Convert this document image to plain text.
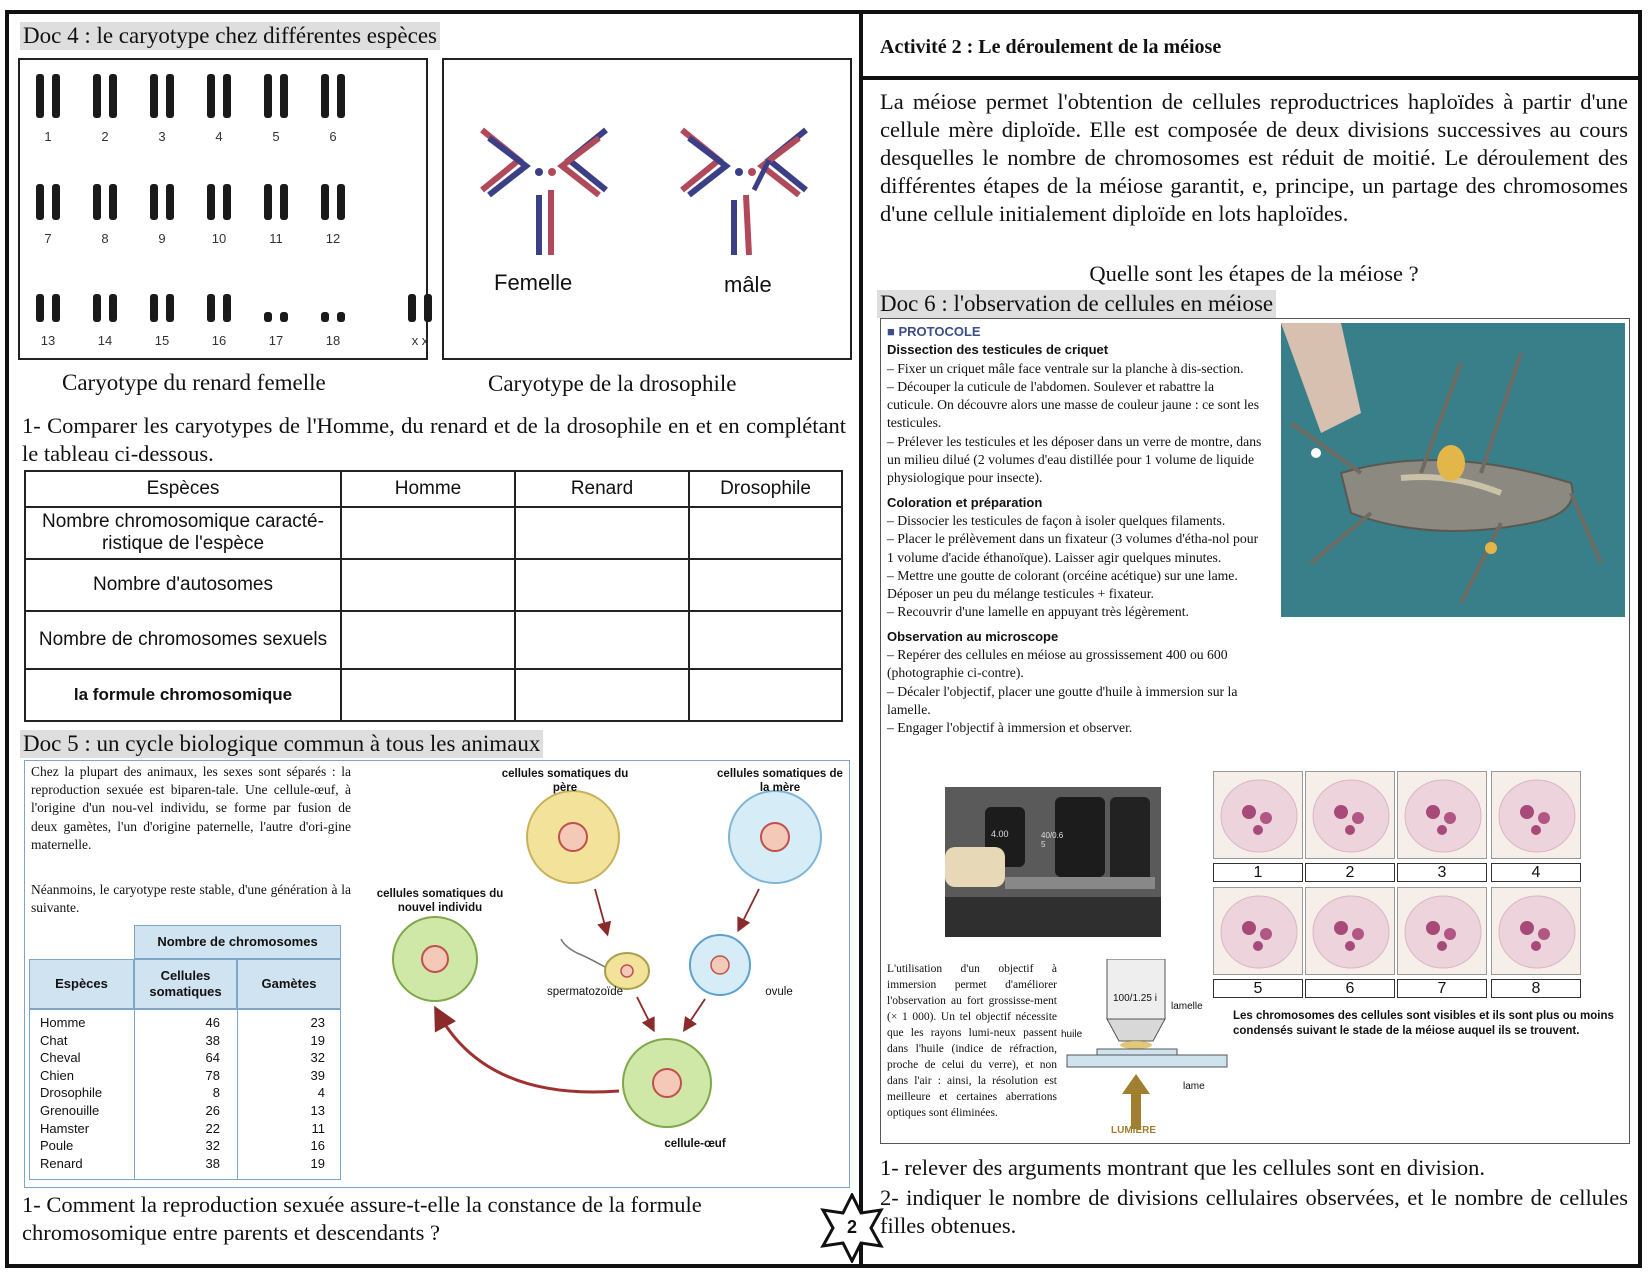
Doc 4 : le caryotype chez différentes espèces
1	2	3	4	5	6
7	8	9	10	11	12
13	14	15	16	17	18	x x
Femelle	mâle
Caryotype du renard femelle	Caryotype de la drosophile
1- Comparer les caryotypes de l'Homme, du renard et de la drosophile en et en complétant le tableau ci-dessous.
Espèces	Homme	Renard	Drosophile
Nombre chromosomique caracté-ristique de l'espèce			
Nombre d'autosomes			
Nombre de chromosomes sexuels			
la formule chromosomique			
Doc 5 : un cycle biologique commun à tous les animaux
Chez la plupart des animaux, les sexes sont séparés : la reproduction sexuée est biparen-tale. Une cellule-œuf, à l'origine d'un nou-vel individu, se forme par fusion de deux gamètes, l'un d'origine paternelle, l'autre d'ori-gine maternelle.
Néanmoins, le caryotype reste stable, d'une génération à la suivante.
Nombre de chromosomes
Espèces
Cellules somatiques
Gamètes
Homme	46	23
Chat	38	19
Cheval	64	32
Chien	78	39
Drosophile	8	4
Grenouille	26	13
Hamster	22	11
Poule	32	16
Renard	38	19
cellules somatiques du père
cellules somatiques de la mère
cellules somatiques du nouvel individu
spermatozoïde	ovule
cellule-œuf
1- Comment la reproduction sexuée assure-t-elle la constance de la formule chromosomique entre parents et descendants ?	2
Activité 2 : Le déroulement de la méiose
La méiose permet l'obtention de cellules reproductrices haploïdes à partir d'une cellule mère diploïde. Elle est composée de deux divisions successives au cours desquelles le nombre de chromosomes est réduit de moitié. Le déroulement des différentes étapes de la méiose garantit, e, principe, un partage des chromosomes d'une cellule initialement diploïde en lots haploïdes.
Quelle sont les étapes de la méiose ?
Doc 6 : l'observation de cellules en méiose
■ PROTOCOLE
Dissection des testicules de criquet
– Fixer un criquet mâle face ventrale sur la planche à dis-section.
– Découper la cuticule de l'abdomen. Soulever et rabattre la cuticule. On découvre alors une masse de couleur jaune : ce sont les testicules.
– Prélever les testicules et les déposer dans un verre de montre, dans un milieu dilué (2 volumes d'eau distillée pour 1 volume de liquide physiologique pour insecte).
Coloration et préparation
– Dissocier les testicules de façon à isoler quelques filaments.
– Placer le prélèvement dans un fixateur (3 volumes d'étha-nol pour 1 volume d'acide éthanoïque). Laisser agir quelques minutes.
– Mettre une goutte de colorant (orcéine acétique) sur une lame. Déposer un peu du mélange testicules + fixateur.
– Recouvrir d'une lamelle en appuyant très légèrement.
Observation au microscope
– Repérer des cellules en méiose au grossissement 400 ou 600 (photographie ci-contre).
– Décaler l'objectif, placer une goutte d'huile à immersion sur la lamelle.
– Engager l'objectif à immersion et observer.
4.00	40/0.65
L'utilisation d'un objectif à immersion permet d'améliorer l'observation au fort grossisse-ment (× 1 000). Un tel objectif nécessite que les rayons lumi-neux passent dans l'huile (indice de réfraction, proche de celui du verre), et non dans l'air : ainsi, la résolution est meilleure et certaines aberrations optiques sont éliminées.
100/1.25 i
lamelle
huile
lame
LUMIÈRE
1	2	3	4
5	6	7	8
Les chromosomes des cellules sont visibles et ils sont plus ou moins condensés suivant le stade de la méiose auquel ils se trouvent.
1- relever des arguments montrant que les cellules sont en division.
2- indiquer le nombre de divisions cellulaires observées, et le nombre de cellules filles obtenues.
